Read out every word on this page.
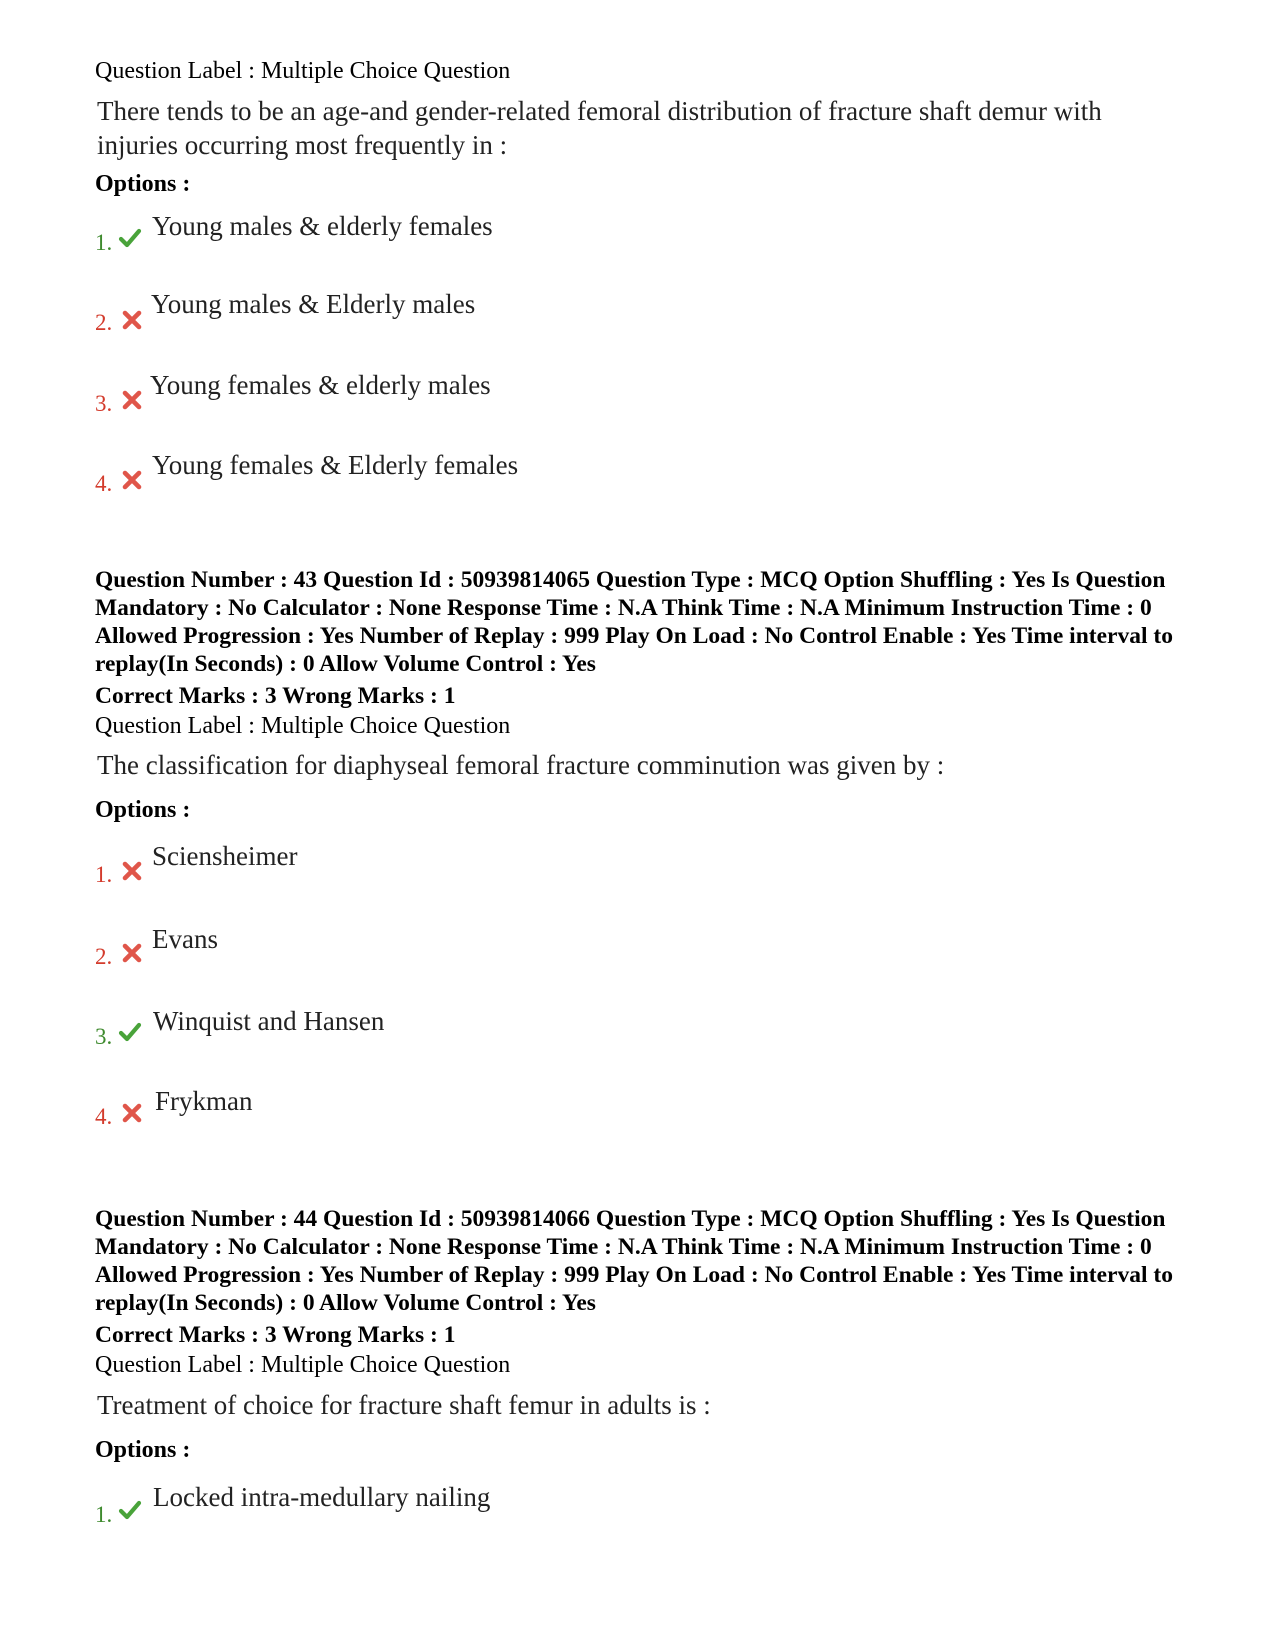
Question Label : Multiple Choice Question
There tends to be an age-and gender-related femoral distribution of fracture shaft demur with injuries occurring most frequently in :
Options :
1.
Young males & elderly females
2.
Young males & Elderly males
3.
Young females & elderly males
4.
Young females & Elderly females
Question Number : 43 Question Id : 50939814065 Question Type : MCQ Option Shuffling : Yes Is Question Mandatory : No Calculator : None Response Time : N.A Think Time : N.A Minimum Instruction Time : 0 Allowed Progression : Yes Number of Replay : 999 Play On Load : No Control Enable : Yes Time interval to replay(In Seconds) : 0 Allow Volume Control : Yes
Correct Marks : 3 Wrong Marks : 1
Question Label : Multiple Choice Question
The classification for diaphyseal femoral fracture comminution was given by :
Options :
1.
Sciensheimer
2.
Evans
3.
Winquist and Hansen
4.
Frykman
Question Number : 44 Question Id : 50939814066 Question Type : MCQ Option Shuffling : Yes Is Question Mandatory : No Calculator : None Response Time : N.A Think Time : N.A Minimum Instruction Time : 0 Allowed Progression : Yes Number of Replay : 999 Play On Load : No Control Enable : Yes Time interval to replay(In Seconds) : 0 Allow Volume Control : Yes
Correct Marks : 3 Wrong Marks : 1
Question Label : Multiple Choice Question
Treatment of choice for fracture shaft femur in adults is :
Options :
1.
Locked intra-medullary nailing
